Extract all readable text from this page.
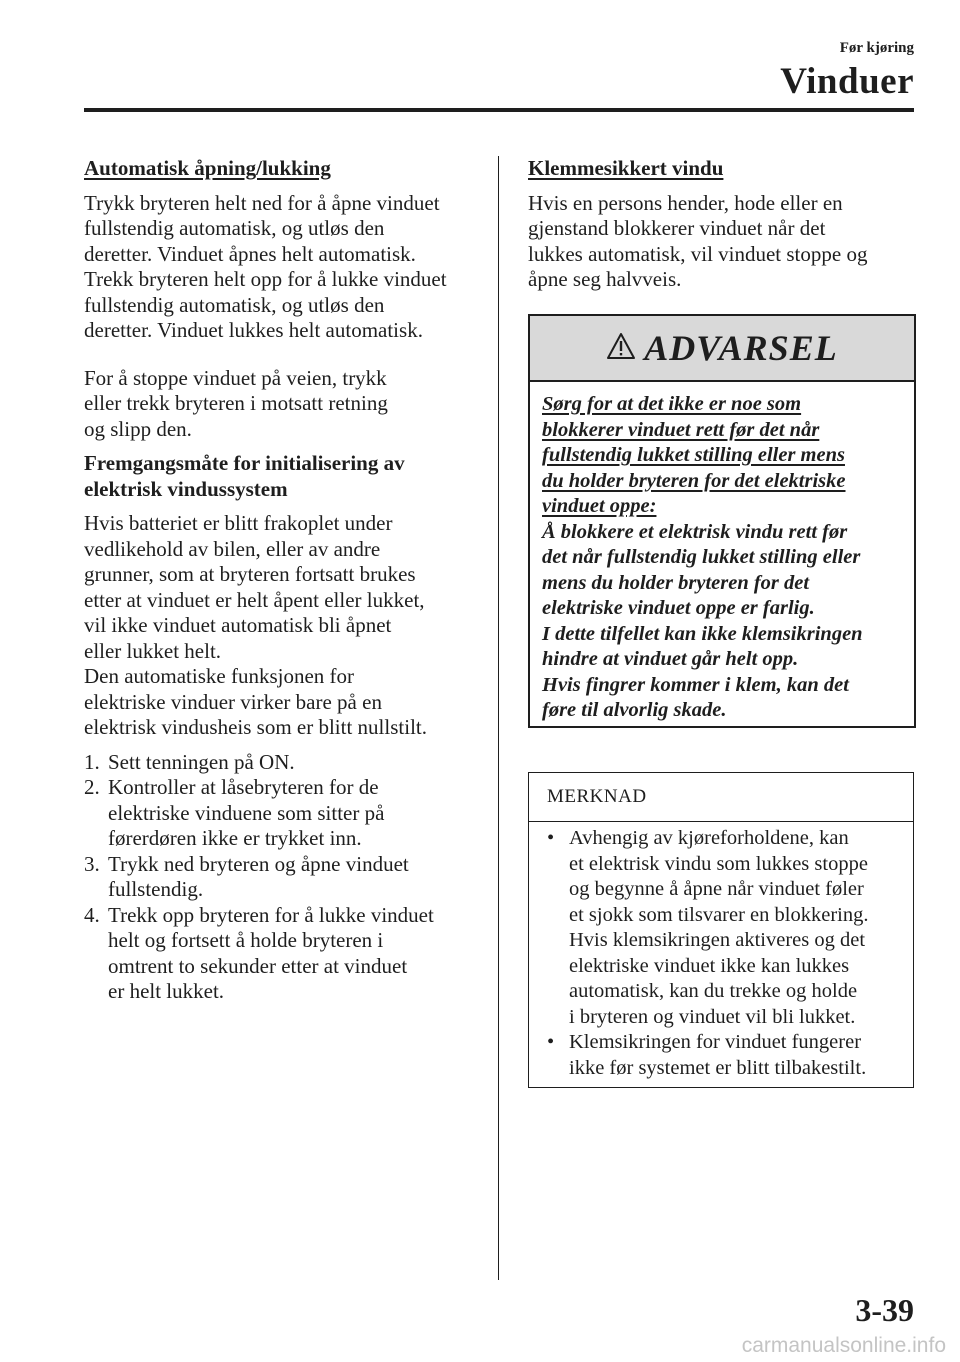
Før kjøring
Vinduer
Automatisk åpning/lukking
Trykk bryteren helt ned for å åpne vinduet
fullstendig automatisk, og utløs den
deretter. Vinduet åpnes helt automatisk.
Trekk bryteren helt opp for å lukke vinduet
fullstendig automatisk, og utløs den
deretter. Vinduet lukkes helt automatisk.
For å stoppe vinduet på veien, trykk
eller trekk bryteren i motsatt retning
og slipp den.
Fremgangsmåte for initialisering av
elektrisk vindussystem
Hvis batteriet er blitt frakoplet under
vedlikehold av bilen, eller av andre
grunner, som at bryteren fortsatt brukes
etter at vinduet er helt åpent eller lukket,
vil ikke vinduet automatisk bli åpnet
eller lukket helt.
Den automatiske funksjonen for
elektriske vinduer virker bare på en
elektrisk vindusheis som er blitt nullstilt.
1. Sett tenningen på ON.
2. Kontroller at låsebryteren for de
elektriske vinduene som sitter på
førerdøren ikke er trykket inn.
3. Trykk ned bryteren og åpne vinduet
fullstendig.
4. Trekk opp bryteren for å lukke vinduet
helt og fortsett å holde bryteren i
omtrent to sekunder etter at vinduet
er helt lukket.
Klemmesikkert vindu
Hvis en persons hender, hode eller en
gjenstand blokkerer vinduet når det
lukkes automatisk, vil vinduet stoppe og
åpne seg halvveis.
ADVARSEL
Sørg for at det ikke er noe som
blokkerer vinduet rett før det når
fullstendig lukket stilling eller mens
du holder bryteren for det elektriske
vinduet oppe:
Å blokkere et elektrisk vindu rett før
det når fullstendig lukket stilling eller
mens du holder bryteren for det
elektriske vinduet oppe er farlig.
I dette tilfellet kan ikke klemsikringen
hindre at vinduet går helt opp.
Hvis fingrer kommer i klem, kan det
føre til alvorlig skade.
MERKNAD
• Avhengig av kjøreforholdene, kan
et elektrisk vindu som lukkes stoppe
og begynne å åpne når vinduet føler
et sjokk som tilsvarer en blokkering.
Hvis klemsikringen aktiveres og det
elektriske vinduet ikke kan lukkes
automatisk, kan du trekke og holde
i bryteren og vinduet vil bli lukket.
• Klemsikringen for vinduet fungerer
ikke før systemet er blitt tilbakestilt.
3-39
carmanualsonline.info
